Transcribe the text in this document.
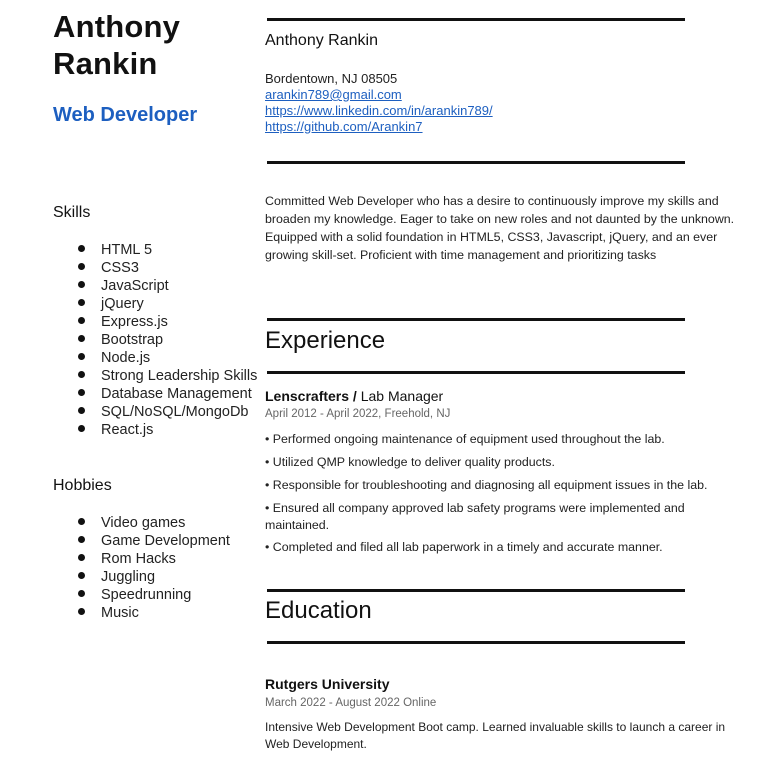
Anthony Rankin
Web Developer
Skills
HTML 5
CSS3
JavaScript
jQuery
Express.js
Bootstrap
Node.js
Strong Leadership Skills
Database Management
SQL/NoSQL/MongoDb
React.js
Hobbies
Video games
Game Development
Rom Hacks
Juggling
Speedrunning
Music
Anthony Rankin
Bordentown, NJ 08505
arankin789@gmail.com
https://www.linkedin.com/in/arankin789/
https://github.com/Arankin7
Committed Web Developer who has a desire to continuously improve my skills and broaden my knowledge. Eager to take on new roles and not daunted by the unknown. Equipped with a solid foundation in HTML5, CSS3, Javascript, jQuery, and an ever growing skill-set. Proficient with time management and prioritizing tasks
Experience
Lenscrafters / Lab Manager
April 2012 - April 2022, Freehold, NJ
• Performed ongoing maintenance of equipment used throughout the lab.
• Utilized QMP knowledge to deliver quality products.
• Responsible for troubleshooting and diagnosing all equipment issues in the lab.
• Ensured all company approved lab safety programs were implemented and maintained.
• Completed and filed all lab paperwork in a timely and accurate manner.
Education
Rutgers University
March 2022 - August 2022 Online
Intensive Web Development Boot camp. Learned invaluable skills to launch a career in Web Development.
